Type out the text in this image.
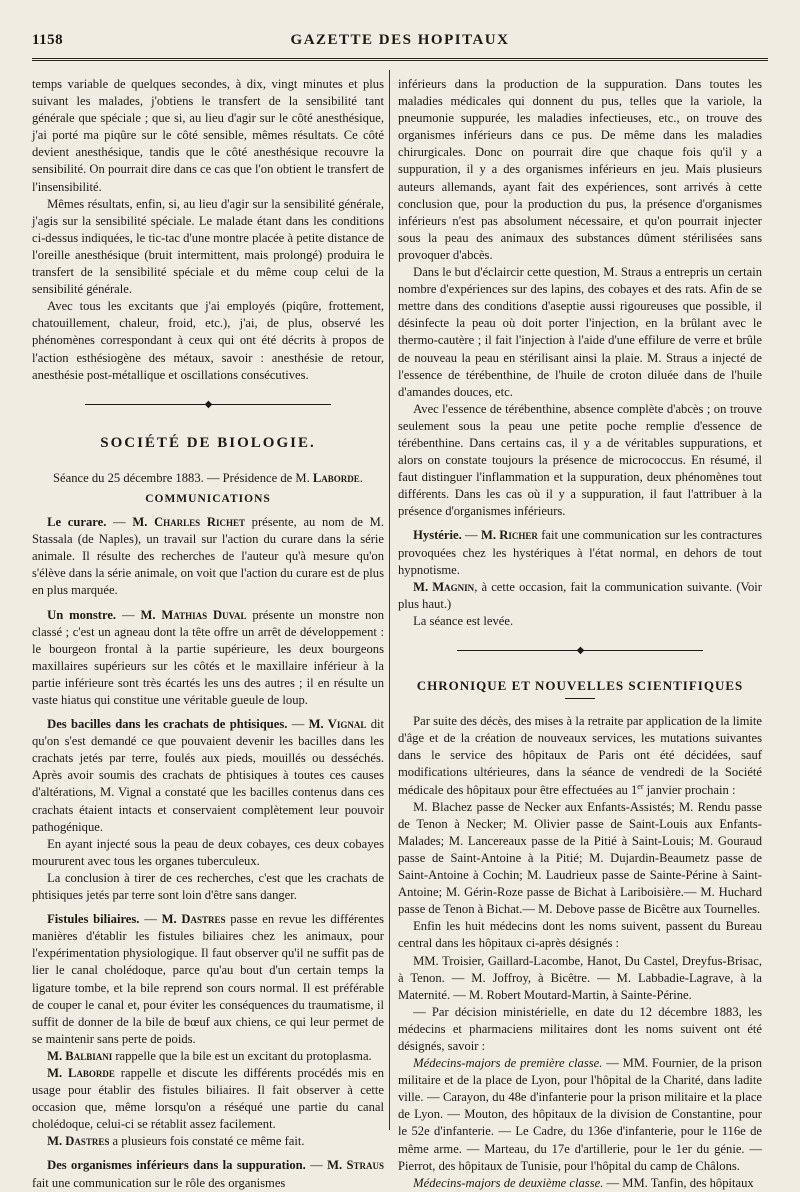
GAZETTE DES HOPITAUX
1158

temps variable de quelques secondes, à dix, vingt minutes et plus suivant les malades, j'obtiens le transfert de la sensibilité tant générale que spéciale ; que si, au lieu d'agir sur le côté anesthésique, j'ai porté ma piqûre sur le côté sensible, mêmes résultats. Ce côté devient anesthésique, tandis que le côté anesthésique recouvre la sensibilité. On pourrait dire dans ce cas que l'on obtient le transfert de l'insensibilité.

Mêmes résultats, enfin, si, au lieu d'agir sur la sensibilité générale, j'agis sur la sensibilité spéciale. Le malade étant dans les conditions ci-dessus indiquées, le tic-tac d'une montre placée à petite distance de l'oreille anesthésique (bruit intermittent, mais prolongé) produira le transfert de la sensibilité spéciale et du même coup celui de la sensibilité générale.

Avec tous les excitants que j'ai employés (piqûre, frottement, chatouillement, chaleur, froid, etc.), j'ai, de plus, observé les phénomènes correspondant à ceux qui ont été décrits à propos de l'action esthésiogène des métaux, savoir : anesthésie de retour, anesthésie post-métallique et oscillations consécutives.

◆
SOCIÉTÉ DE BIOLOGIE.

Séance du 25 décembre 1883. — Présidence de M. Laborde.

COMMUNICATIONS

Le curare. — M. Charles Richet présente, au nom de M. Stassala (de Naples), un travail sur l'action du curare dans la série animale. Il résulte des recherches de l'auteur qu'à mesure qu'on s'élève dans la série animale, on voit que l'action du curare est de plus en plus marquée.

Un monstre. — M. Mathias Duval présente un monstre non classé ; c'est un agneau dont la tête offre un arrêt de développement : le bourgeon frontal à la partie supérieure, les deux bourgeons maxillaires supérieurs sur les côtés et le maxillaire inférieur à la partie inférieure sont très écartés les uns des autres ; il en résulte un vaste hiatus qui constitue une véritable gueule de loup.

Des bacilles dans les crachats de phtisiques. — M. Vignal dit qu'on s'est demandé ce que pouvaient devenir les bacilles dans les crachats jetés par terre, foulés aux pieds, mouillés ou desséchés. Après avoir soumis des crachats de phtisiques à toutes ces causes d'altérations, M. Vignal a constaté que les bacilles contenus dans ces crachats étaient intacts et conservaient complètement leur pouvoir pathogénique.

En ayant injecté sous la peau de deux cobayes, ces deux cobayes moururent avec tous les organes tuberculeux.

La conclusion à tirer de ces recherches, c'est que les crachats de phtisiques jetés par terre sont loin d'être sans danger.

Fistules biliaires. — M. Dastres passe en revue les différentes manières d'établir les fistules biliaires chez les animaux, pour l'expérimentation physiologique. Il faut observer qu'il ne suffit pas de lier le canal cholédoque, parce qu'au bout d'un certain temps la ligature tombe, et la bile reprend son cours normal. Il est préférable de couper le canal et, pour éviter les conséquences du traumatisme, il suffit de donner de la bile de bœuf aux chiens, ce qui leur permet de se maintenir sans perte de poids.

M. Balbiani rappelle que la bile est un excitant du protoplasma.

M. Laborde rappelle et discute les différents procédés mis en usage pour établir des fistules biliaires. Il fait observer à cette occasion que, même lorsqu'on a réséqué une partie du canal cholédoque, celui-ci se rétablit assez facilement.

M. Dastres a plusieurs fois constaté ce même fait.

Des organismes inférieurs dans la suppuration. — M. Straus fait une communication sur le rôle des organismes

inférieurs dans la production de la suppuration. Dans toutes les maladies médicales qui donnent du pus, telles que la variole, la pneumonie suppurée, les maladies infectieuses, etc., on trouve des organismes inférieurs dans ce pus. De même dans les maladies chirurgicales. Donc on pourrait dire que chaque fois qu'il y a suppuration, il y a des organismes inférieurs en jeu. Mais plusieurs auteurs allemands, ayant fait des expériences, sont arrivés à cette conclusion que, pour la production du pus, la présence d'organismes inférieurs n'est pas absolument nécessaire, et qu'on pourrait injecter sous la peau des animaux des substances dûment stérilisées sans provoquer d'abcès.

Dans le but d'éclaircir cette question, M. Straus a entrepris un certain nombre d'expériences sur des lapins, des cobayes et des rats. Afin de se mettre dans des conditions d'aseptie aussi rigoureuses que possible, il désinfecte la peau où doit porter l'injection, en la brûlant avec le thermo-cautère ; il fait l'injection à l'aide d'une effilure de verre et brûle de nouveau la peau en stérilisant ainsi la plaie. M. Straus a injecté de l'essence de térébenthine, de l'huile de croton diluée dans de l'huile d'amandes douces, etc.

Avec l'essence de térébenthine, absence complète d'abcès ; on trouve seulement sous la peau une petite poche remplie d'essence de térébenthine. Dans certains cas, il y a de véritables suppurations, et alors on constate toujours la présence de micrococcus. En résumé, il faut distinguer l'inflammation et la suppuration, deux phénomènes tout différents. Dans les cas où il y a suppuration, il faut l'attribuer à la présence d'organismes inférieurs.

Hystérie. — M. Richer fait une communication sur les contractures provoquées chez les hystériques à l'état normal, en dehors de tout hypnotisme.

M. Magnin, à cette occasion, fait la communication suivante. (Voir plus haut.)

La séance est levée.

◆
CHRONIQUE ET NOUVELLES SCIENTIFIQUES

Par suite des décès, des mises à la retraite par application de la limite d'âge et de la création de nouveaux services, les mutations suivantes dans le service des hôpitaux de Paris ont été décidées, sauf modifications ultérieures, dans la séance de vendredi de la Société médicale des hôpitaux pour être effectuées au 1er janvier prochain :

M. Blachez passe de Necker aux Enfants-Assistés; M. Rendu passe de Tenon à Necker; M. Olivier passe de Saint-Louis aux Enfants-Malades; M. Lancereaux passe de la Pitié à Saint-Louis; M. Gouraud passe de Saint-Antoine à la Pitié; M. Dujardin-Beaumetz passe de Saint-Antoine à Cochin; M. Laudrieux passe de Sainte-Périne à Saint-Antoine; M. Gérin-Roze passe de Bichat à Lariboisière.— M. Huchard passe de Tenon à Bichat.— M. Debove passe de Bicêtre aux Tournelles.

Enfin les huit médecins dont les noms suivent, passent du Bureau central dans les hôpitaux ci-après désignés :

MM. Troisier, Gaillard-Lacombe, Hanot, Du Castel, Dreyfus-Brisac, à Tenon. — M. Joffroy, à Bicêtre. — M. Labbadie-Lagrave, à la Maternité. — M. Robert Moutard-Martin, à Sainte-Périne.

— Par décision ministérielle, en date du 12 décembre 1883, les médecins et pharmaciens militaires dont les noms suivent ont été désignés, savoir :

Médecins-majors de première classe. — MM. Fournier, de la prison militaire et de la place de Lyon, pour l'hôpital de la Charité, dans ladite ville. — Carayon, du 48e d'infanterie pour la prison militaire et la place de Lyon. — Mouton, des hôpitaux de la division de Constantine, pour le 52e d'infanterie. — Le Cadre, du 136e d'infanterie, pour le 116e de même arme. — Marteau, du 17e d'artillerie, pour le 1er du génie. — Pierrot, des hôpitaux de Tunisie, pour l'hôpital du camp de Châlons.

Médecins-majors de deuxième classe. — MM. Tanfin, des hôpitaux
